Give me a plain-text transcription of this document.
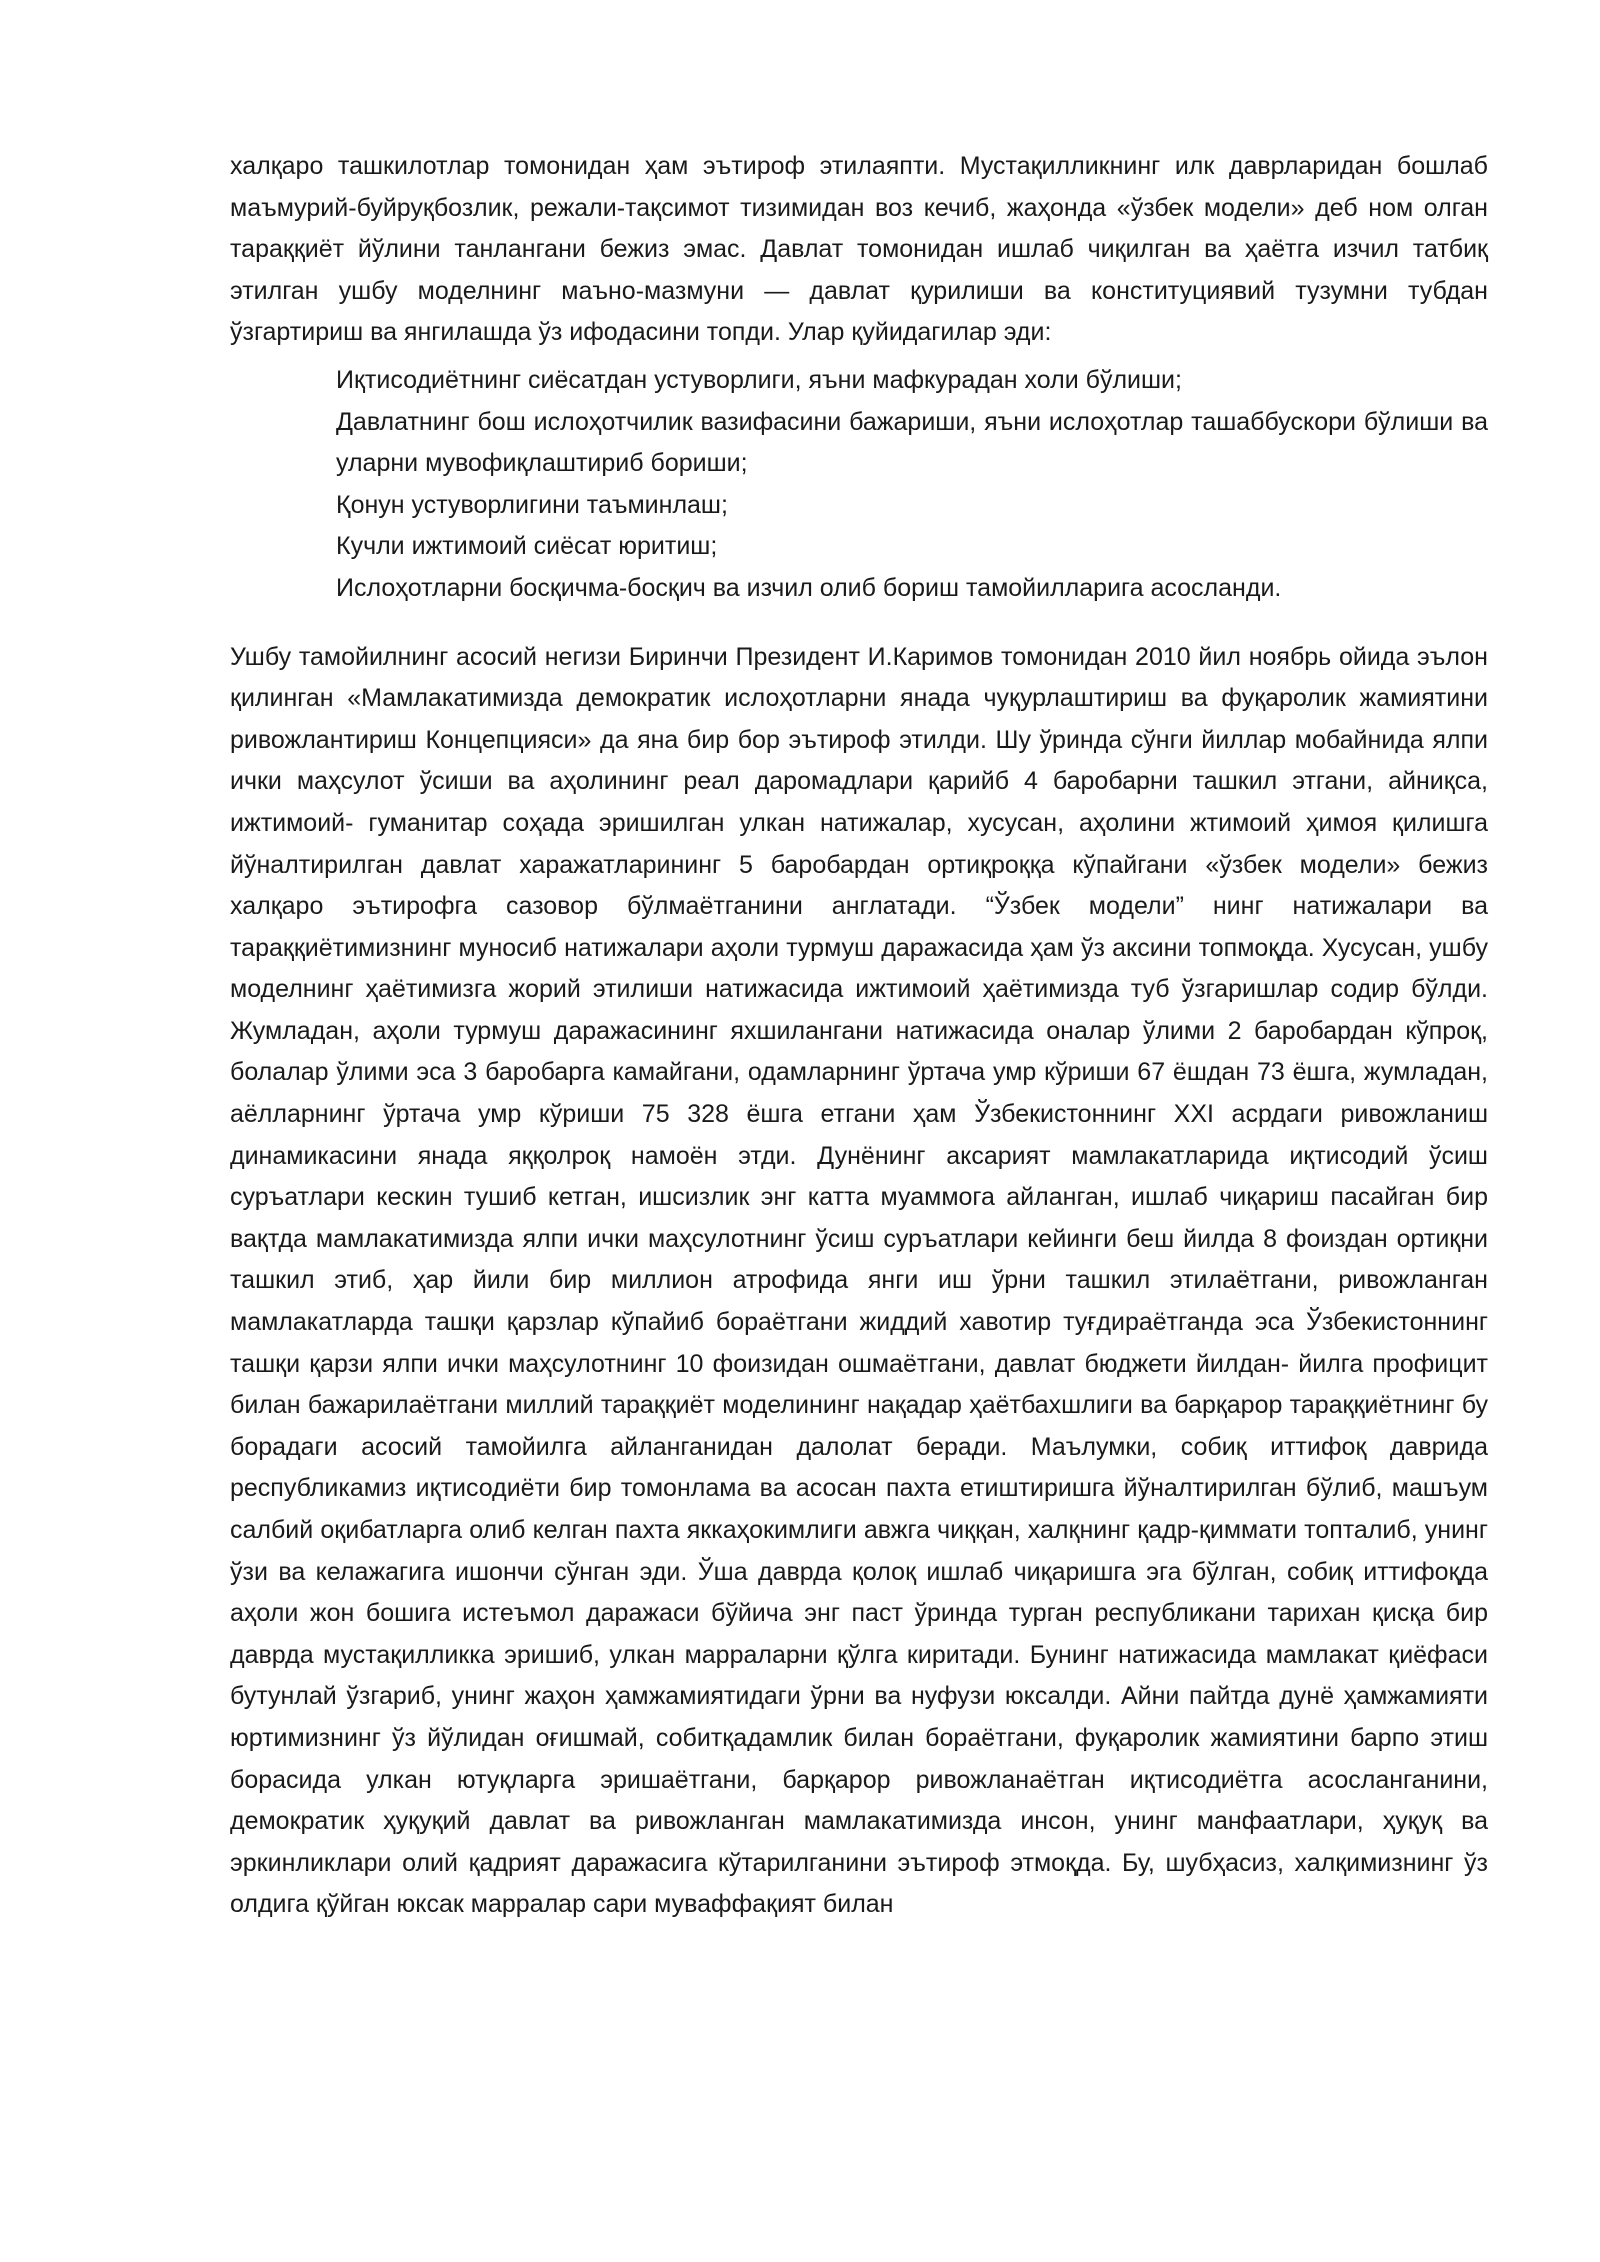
халқаро ташкилотлар томонидан ҳам эътироф этилаяпти. Мустақилликнинг илк даврларидан бошлаб маъмурий-буйруқбозлик, режали-тақсимот тизимидан воз кечиб, жаҳонда «ўзбек модели» деб ном олган тараққиёт йўлини танлангани бежиз эмас. Давлат томонидан ишлаб чиқилган ва ҳаётга изчил татбиқ этилган ушбу моделнинг маъно-мазмуни — давлат қурилиши ва конституциявий тузумни тубдан ўзгартириш ва янгилашда ўз ифодасини топди. Улар қуйидагилар эди:

Иқтисодиётнинг сиёсатдан устуворлиги, яъни мафкурадан холи бўлиши;
Давлатнинг бош ислоҳотчилик вазифасини бажариши, яъни ислоҳотлар ташаббускори бўлиши ва уларни мувофиқлаштириб бориши;
Қонун устуворлигини таъминлаш;
Кучли ижтимоий сиёсат юритиш;
Ислоҳотларни босқичма-босқич ва изчил олиб бориш тамойилларига асосланди.

Ушбу тамойилнинг асосий негизи Биринчи Президент И.Каримов томонидан 2010 йил ноябрь ойида эълон қилинган «Мамлакатимизда демократик ислоҳотларни янада чуқурлаштириш ва фуқаролик жамиятини ривожлантириш Концепцияси» да яна бир бор эътироф этилди. Шу ўринда сўнги йиллар мобайнида ялпи ички маҳсулот ўсиши ва аҳолининг реал даромадлари қарийб 4 баробарни ташкил этгани, айниқса, ижтимоий- гуманитар соҳада эришилган улкан натижалар, хусусан, аҳолини жтимоий ҳимоя қилишга йўналтирилган давлат харажатларининг 5 баробардан ортиқроққа кўпайгани «ўзбек модели» бежиз халқаро эътирофга сазовор бўлмаётганини англатади. “Ўзбек модели” нинг натижалари ва тараққиётимизнинг муносиб натижалари аҳоли турмуш даражасида ҳам ўз аксини топмоқда. Хусусан, ушбу моделнинг ҳаётимизга жорий этилиши натижасида ижтимоий ҳаётимизда туб ўзгаришлар содир бўлди. Жумладан, аҳоли турмуш даражасининг яхшилангани натижасида оналар ўлими 2 баробардан кўпроқ, болалар ўлими эса 3 баробарга камайгани, одамларнинг ўртача умр кўриши 67 ёшдан 73 ёшга, жумладан, аёлларнинг ўртача умр кўриши 75 328 ёшга етгани ҳам Ўзбекистоннинг XXI асрдаги ривожланиш динамикасини янада яққолроқ намоён этди. Дунёнинг аксарият мамлакатларида иқтисодий ўсиш суръатлари кескин тушиб кетган, ишсизлик энг катта муаммога айланган, ишлаб чиқариш пасайган бир вақтда мамлакатимизда ялпи ички маҳсулотнинг ўсиш суръатлари кейинги беш йилда 8 фоиздан ортиқни ташкил этиб, ҳар йили бир миллион атрофида янги иш ўрни ташкил этилаётгани, ривожланган мамлакатларда ташқи қарзлар кўпайиб бораётгани жиддий хавотир туғдираётганда эса Ўзбекистоннинг ташқи қарзи ялпи ички маҳсулотнинг 10 фоизидан ошмаётгани, давлат бюджети йилдан- йилга профицит билан бажарилаётгани миллий тараққиёт моделининг нақадар ҳаётбахшлиги ва барқарор тараққиётнинг бу борадаги асосий тамойилга айланганидан далолат беради. Маълумки, собиқ иттифоқ даврида республикамиз иқтисодиёти бир томонлама ва асосан пахта етиштиришга йўналтирилган бўлиб, машъум салбий оқибатларга олиб келган пахта яккаҳокимлиги авжга чиққан, халқнинг қадр-қиммати топталиб, унинг ўзи ва келажагига ишончи сўнган эди. Ўша даврда қолоқ ишлаб чиқаришга эга бўлган, собиқ иттифоқда аҳоли жон бошига истеъмол даражаси бўйича энг паст ўринда турган республикани тарихан қисқа бир даврда мустақилликка эришиб, улкан марраларни қўлга киритади. Бунинг натижасида мамлакат қиёфаси бутунлай ўзгариб, унинг жаҳон ҳамжамиятидаги ўрни ва нуфузи юксалди. Айни пайтда дунё ҳамжамияти юртимизнинг ўз йўлидан оғишмай, собитқадамлик билан бораётгани, фуқаролик жамиятини барпо этиш борасида улкан ютуқларга эришаётгани, барқарор ривожланаётган иқтисодиётга асосланганини, демократик ҳуқуқий давлат ва ривожланган мамлакатимизда инсон, унинг манфаатлари, ҳуқуқ ва эркинликлари олий қадрият даражасига кўтарилганини эътироф этмоқда. Бу, шубҳасиз, халқимизнинг ўз олдига қўйган юксак марралар сари муваффақият билан
